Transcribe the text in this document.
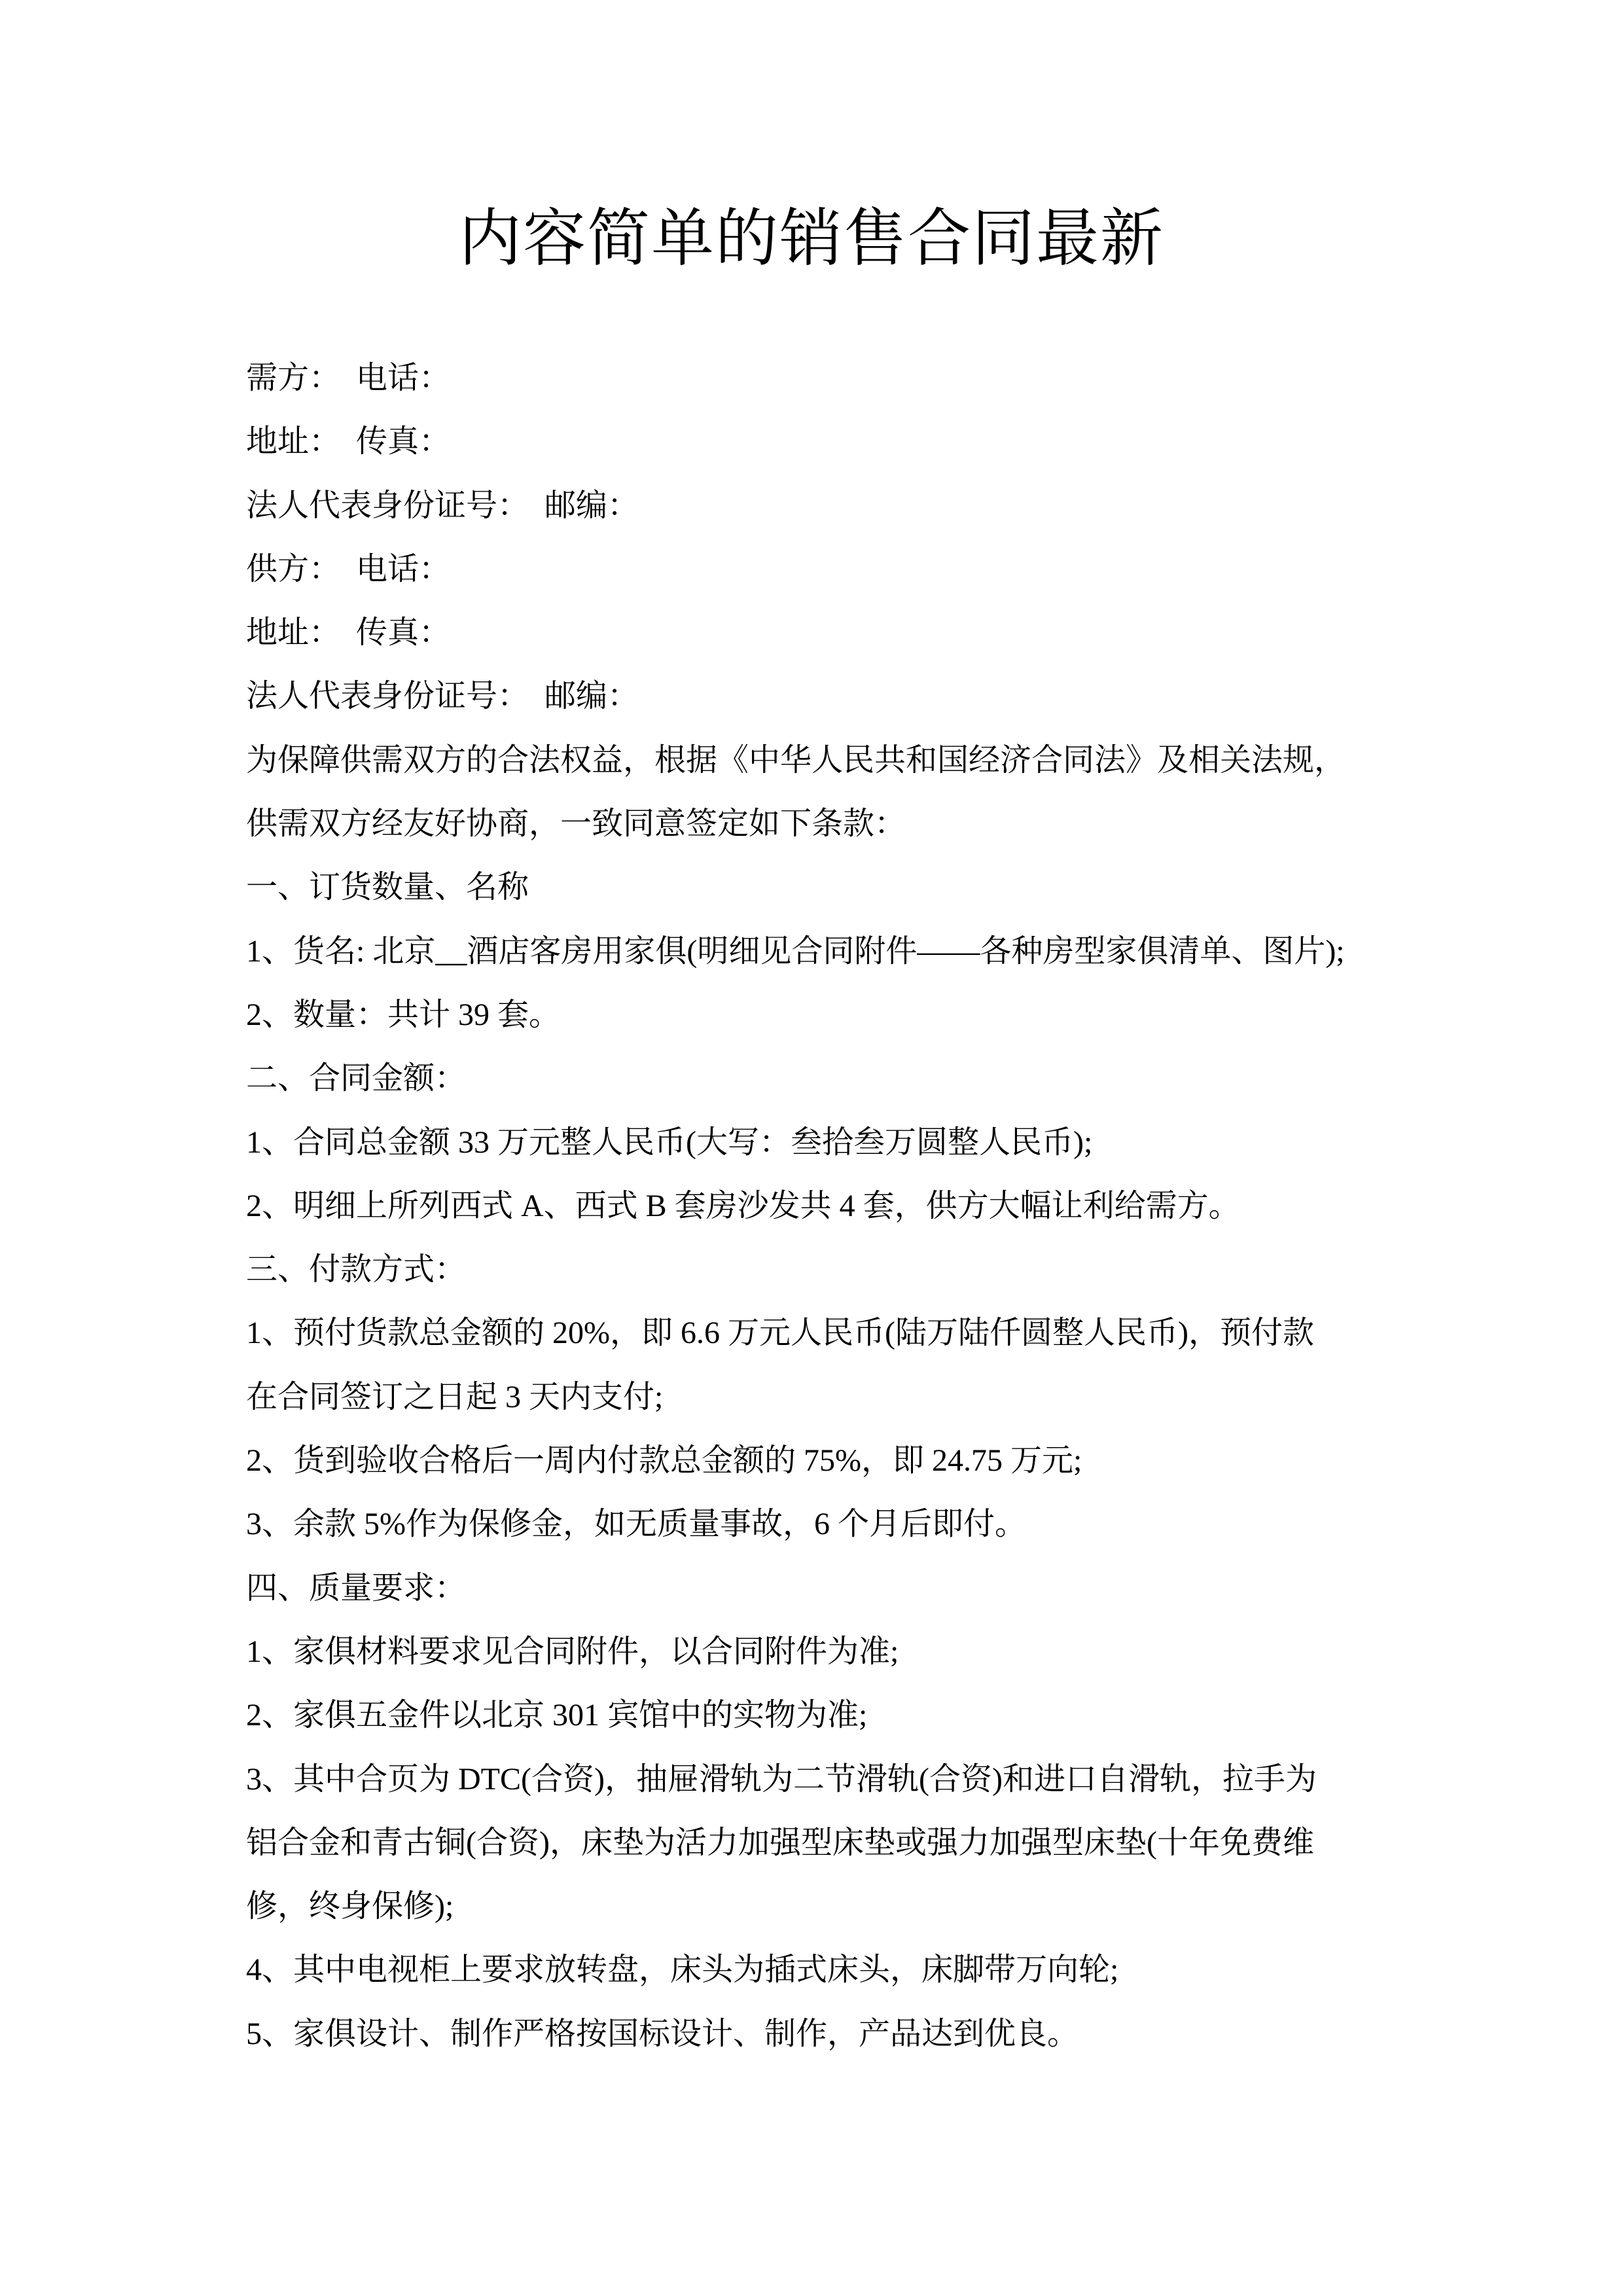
内容简单的销售合同最新
需方：　电话：
地址：　传真：
法人代表身份证号：　邮编：
供方：　电话：
地址：　传真：
法人代表身份证号：　邮编：
为保障供需双方的合法权益，根据《中华人民共和国经济合同法》及相关法规，
供需双方经友好协商，一致同意签定如下条款：
一、订货数量、名称
1、货名: 北京__酒店客房用家俱(明细见合同附件——各种房型家俱清单、图片);
2、数量：共计 39 套。
二、合同金额：
1、合同总金额 33 万元整人民币(大写：叁拾叁万圆整人民币);
2、明细上所列西式 A、西式 B 套房沙发共 4 套，供方大幅让利给需方。
三、付款方式：
1、预付货款总金额的 20%，即 6.6 万元人民币(陆万陆仟圆整人民币)，预付款
在合同签订之日起 3 天内支付;
2、货到验收合格后一周内付款总金额的 75%，即 24.75 万元;
3、余款 5%作为保修金，如无质量事故，6 个月后即付。
四、质量要求：
1、家俱材料要求见合同附件，以合同附件为准;
2、家俱五金件以北京 301 宾馆中的实物为准;
3、其中合页为 DTC(合资)，抽屉滑轨为二节滑轨(合资)和进口自滑轨，拉手为
铝合金和青古铜(合资)，床垫为活力加强型床垫或强力加强型床垫(十年免费维
修，终身保修);
4、其中电视柜上要求放转盘，床头为插式床头，床脚带万向轮;
5、家俱设计、制作严格按国标设计、制作，产品达到优良。
